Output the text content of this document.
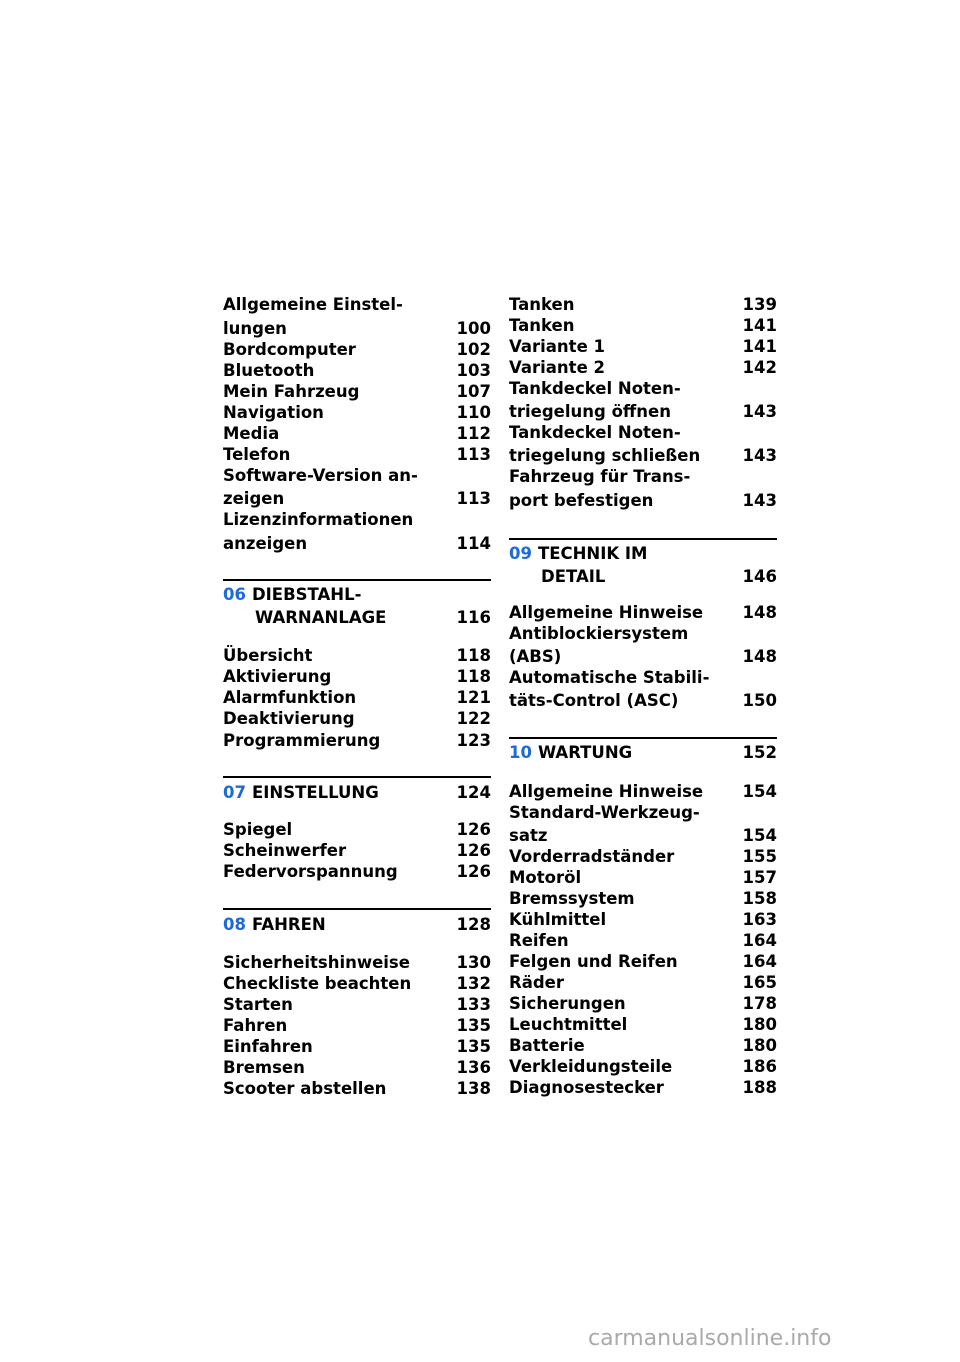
Allgemeine Einstel-
lungen	100
Bordcomputer	102
Bluetooth	103
Mein Fahrzeug	107
Navigation	110
Media	112
Telefon	113
Software-Version an-
zeigen	113
Lizenzinformationen
anzeigen	114
06 DIEBSTAHL-
WARNANLAGE	116
Übersicht	118
Aktivierung	118
Alarmfunktion	121
Deaktivierung	122
Programmierung	123
07 EINSTELLUNG	124
Spiegel	126
Scheinwerfer	126
Federvorspannung	126
08 FAHREN	128
Sicherheitshinweise	130
Checkliste beachten	132
Starten	133
Fahren	135
Einfahren	135
Bremsen	136
Scooter abstellen	138
Tanken	139
Tanken	141
Variante 1	141
Variante 2	142
Tankdeckel Noten-
triegelung öffnen	143
Tankdeckel Noten-
triegelung schließen	143
Fahrzeug für Trans-
port befestigen	143
09 TECHNIK IM
DETAIL	146
Allgemeine Hinweise 148
Antiblockiersystem
(ABS)	148
Automatische Stabili-
täts-Control (ASC)	150
10 WARTUNG	152
Allgemeine Hinweise 154
Standard-Werkzeug-
satz	154
Vorderradständer	155
Motoröl	157
Bremssystem	158
Kühlmittel	163
Reifen	164
Felgen und Reifen	164
Räder	165
Sicherungen	178
Leuchtmittel	180
Batterie	180
Verkleidungsteile	186
Diagnosestecker	188
carmanualsonline.info
